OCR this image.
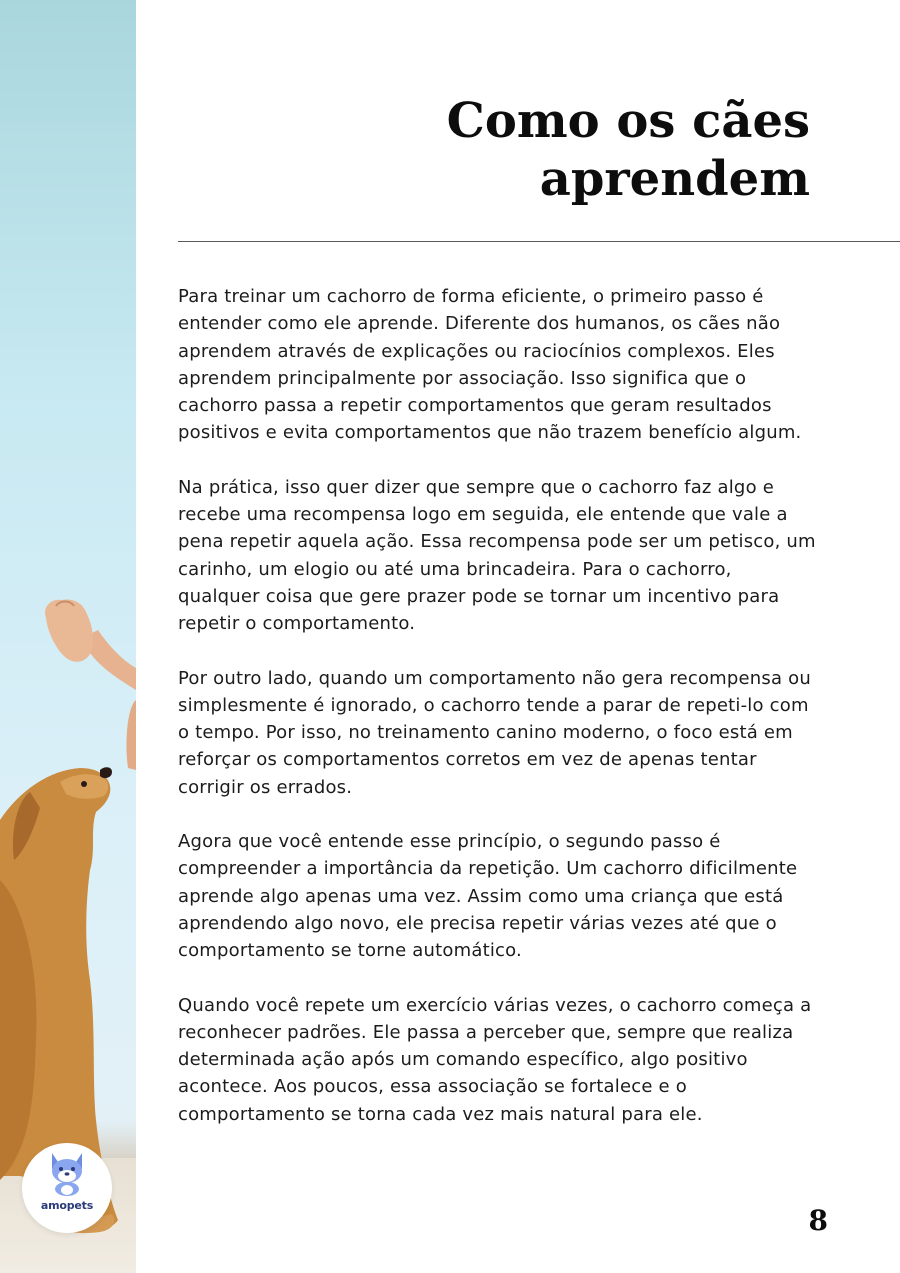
amopets
Como os cães
aprendem

Para treinar um cachorro de forma eficiente, o primeiro passo é entender como ele aprende. Diferente dos humanos, os cães não aprendem através de explicações ou raciocínios complexos. Eles aprendem principalmente por associação. Isso significa que o cachorro passa a repetir comportamentos que geram resultados positivos e evita comportamentos que não trazem benefício algum.

Na prática, isso quer dizer que sempre que o cachorro faz algo e recebe uma recompensa logo em seguida, ele entende que vale a pena repetir aquela ação. Essa recompensa pode ser um petisco, um carinho, um elogio ou até uma brincadeira. Para o cachorro, qualquer coisa que gere prazer pode se tornar um incentivo para repetir o comportamento.

Por outro lado, quando um comportamento não gera recompensa ou simplesmente é ignorado, o cachorro tende a parar de repeti-lo com o tempo. Por isso, no treinamento canino moderno, o foco está em reforçar os comportamentos corretos em vez de apenas tentar corrigir os errados.

Agora que você entende esse princípio, o segundo passo é compreender a importância da repetição. Um cachorro dificilmente aprende algo apenas uma vez. Assim como uma criança que está aprendendo algo novo, ele precisa repetir várias vezes até que o comportamento se torne automático.

Quando você repete um exercício várias vezes, o cachorro começa a reconhecer padrões. Ele passa a perceber que, sempre que realiza determinada ação após um comando específico, algo positivo acontece. Aos poucos, essa associação se fortalece e o comportamento se torna cada vez mais natural para ele.

8
